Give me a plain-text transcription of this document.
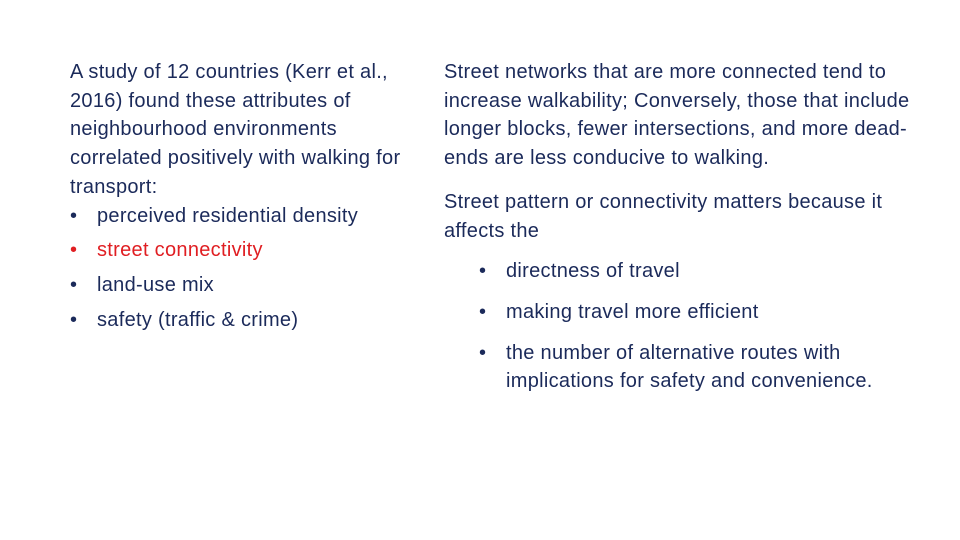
A study of 12 countries (Kerr et al., 2016) found these attributes of neighbourhood environments correlated positively with walking for transport:

• perceived residential density
• street connectivity
• land-use mix
• safety (traffic & crime)

Street networks that are more connected tend to increase walkability; Conversely, those that include longer blocks, fewer intersections, and more dead-ends are less conducive to walking.

Street pattern or connectivity matters because it affects the

• directness of travel
• making travel more efficient
• the number of alternative routes with implications for safety and convenience.
